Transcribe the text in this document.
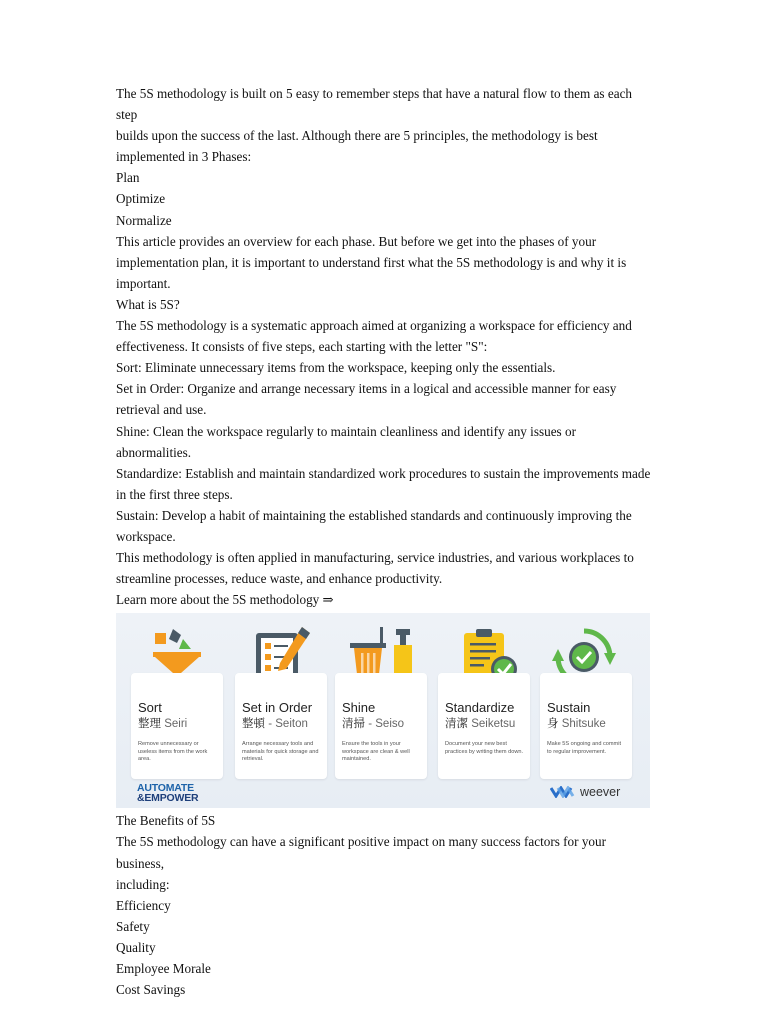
The 5S methodology is built on 5 easy to remember steps that have a natural flow to them as each step

builds upon the success of the last. Although there are 5 principles, the methodology is best

implemented in 3 Phases:

Plan

Optimize

Normalize

This article provides an overview for each phase. But before we get into the phases of your

implementation plan, it is important to understand first what the 5S methodology is and why it is

important.

What is 5S?

The 5S methodology is a systematic approach aimed at organizing a workspace for efficiency and

effectiveness. It consists of five steps, each starting with the letter "S":

Sort: Eliminate unnecessary items from the workspace, keeping only the essentials.

Set in Order: Organize and arrange necessary items in a logical and accessible manner for easy

retrieval and use.

Shine: Clean the workspace regularly to maintain cleanliness and identify any issues or abnormalities.

Standardize: Establish and maintain standardized work procedures to sustain the improvements made

in the first three steps.

Sustain: Develop a habit of maintaining the established standards and continuously improving the

workspace.

This methodology is often applied in manufacturing, service industries, and various workplaces to

streamline processes, reduce waste, and enhance productivity.

Learn more about the 5S methodology ⇒

Sort
整理 Seiri
Remove unnecessary or useless items from the work area.
Set in Order
整頓 - Seiton
Arrange necessary tools and materials for quick storage and retrieval.
Shine
清掃 - Seiso
Ensure the tools in your workspace are clean & well maintained.
Standardize
清潔 Seiketsu
Document your new best practices by writing them down.
Sustain
身 Shitsuke
Make 5S ongoing and commit to regular improvement.
AUTOMATE
&EMPOWER	weever

The Benefits of 5S

The 5S methodology can have a significant positive impact on many success factors for your business,

including:

Efficiency

Safety

Quality

Employee Morale

Cost Savings
